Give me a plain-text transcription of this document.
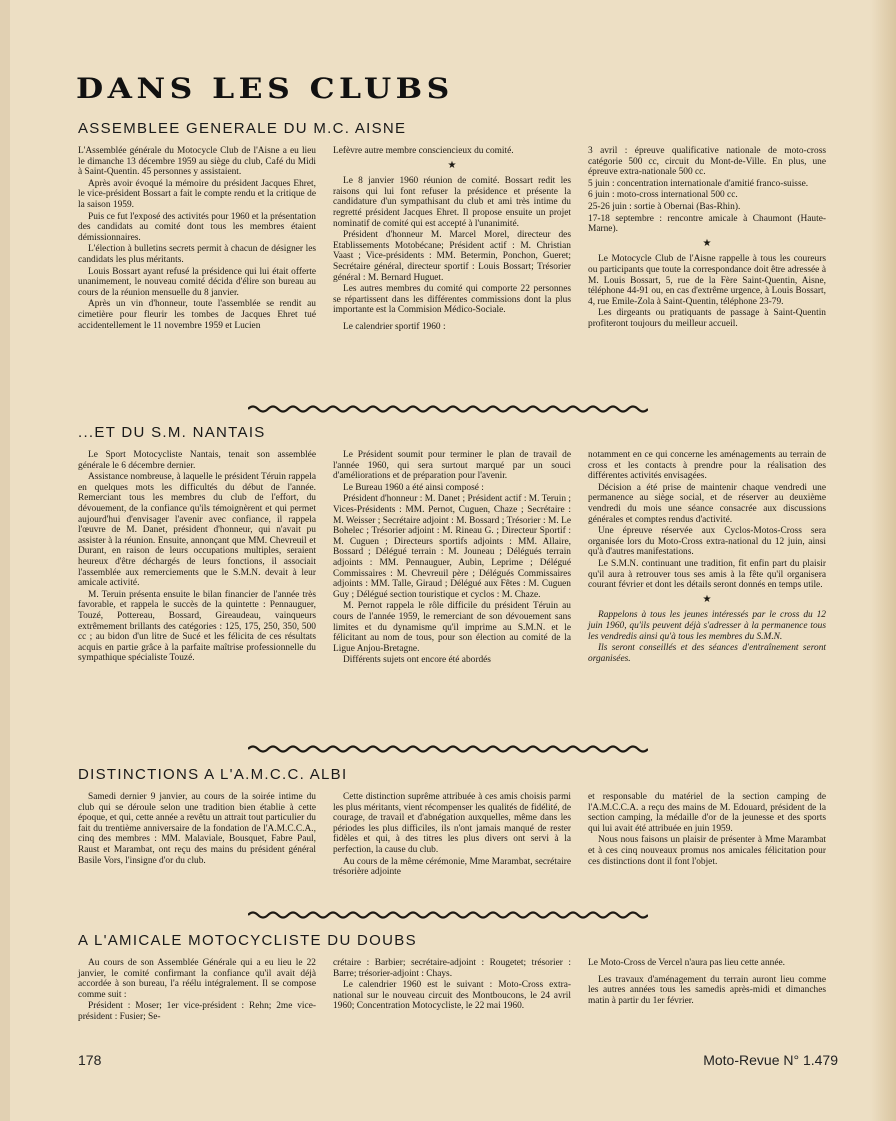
DANS LES CLUBS
ASSEMBLEE GENERALE DU M.C. AISNE

L'Assemblée générale du Motocycle Club de l'Aisne a eu lieu le dimanche 13 décembre 1959 au siège du club, Café du Midi à Saint-Quentin. 45 personnes y assistaient.

Après avoir évoqué la mémoire du président Jacques Ehret, le vice-président Bossart a fait le compte rendu et la critique de la saison 1959.

Puis ce fut l'exposé des activités pour 1960 et la présentation des candidats au comité dont tous les membres étaient démissionnaires.

L'élection à bulletins secrets permit à chacun de désigner les candidats les plus méritants.

Louis Bossart ayant refusé la présidence qui lui était offerte unanimement, le nouveau comité décida d'élire son bureau au cours de la réunion mensuelle du 8 janvier.

Après un vin d'honneur, toute l'assemblée se rendit au cimetière pour fleurir les tombes de Jacques Ehret tué accidentellement le 11 novembre 1959 et Lucien

Lefèvre autre membre consciencieux du comité.

★

Le 8 janvier 1960 réunion de comité. Bossart redit les raisons qui lui font refuser la présidence et présente la candidature d'un sympathisant du club et ami très intime du regretté président Jacques Ehret. Il propose ensuite un projet nominatif de comité qui est accepté à l'unanimité.

Président d'honneur M. Marcel Morel, directeur des Etablissements Motobécane; Président actif : M. Christian Vaast ; Vice-présidents : MM. Betermin, Ponchon, Gueret; Secrétaire général, directeur sportif : Louis Bossart; Trésorier général : M. Bernard Huguet.

Les autres membres du comité qui comporte 22 personnes se répartissent dans les différentes commissions dont la plus importante est la Commision Médico-Sociale.

Le calendrier sportif 1960 :

3 avril : épreuve qualificative nationale de moto-cross catégorie 500 cc, circuit du Mont-de-Ville. En plus, une épreuve extra-nationale 500 cc.

5 juin : concentration internationale d'amitié franco-suisse.

6 juin : moto-cross international 500 cc.

25-26 juin : sortie à Obernai (Bas-Rhin).

17-18 septembre : rencontre amicale à Chaumont (Haute-Marne).

★

Le Motocycle Club de l'Aisne rappelle à tous les coureurs ou participants que toute la correspondance doit être adressée à M. Louis Bossart, 5, rue de la Fère Saint-Quentin, Aisne, téléphone 44-91 ou, en cas d'extrême urgence, à Louis Bossart, 4, rue Emile-Zola à Saint-Quentin, téléphone 23-79.

Les dirgeants ou pratiquants de passage à Saint-Quentin profiteront toujours du meilleur accueil.

...ET DU S.M. NANTAIS

Le Sport Motocycliste Nantais, tenait son assemblée générale le 6 décembre dernier.

Assistance nombreuse, à laquelle le président Téruin rappela en quelques mots les difficultés du début de l'année. Remerciant tous les membres du club de l'effort, du dévouement, de la confiance qu'ils témoignèrent et qui permet aujourd'hui d'envisager l'avenir avec confiance, il rappela l'œuvre de M. Danet, président d'honneur, qui n'avait pu assister à la réunion. Ensuite, annonçant que MM. Chevreuil et Durant, en raison de leurs occupations multiples, seraient heureux d'être déchargés de leurs fonctions, il associait l'assemblée aux remerciements que le S.M.N. devait à leur amicale activité.

M. Teruin présenta ensuite le bilan financier de l'année très favorable, et rappela le succès de la quintette : Pennauguer, Touzé, Pottereau, Bossard, Gireaudeau, vainqueurs extrêmement brillants des catégories : 125, 175, 250, 350, 500 cc ; au bidon d'un litre de Sucé et les félicita de ces résultats acquis en partie grâce à la parfaite maîtrise professionnelle du sympathique spécialiste Touzé.

Le Président soumit pour terminer le plan de travail de l'année 1960, qui sera surtout marqué par un souci d'améliorations et de préparation pour l'avenir.

Le Bureau 1960 a été ainsi composé :

Président d'honneur : M. Danet ; Président actif : M. Teruin ; Vices-Présidents : MM. Pernot, Cuguen, Chaze ; Secrétaire : M. Weisser ; Secrétaire adjoint : M. Bossard ; Trésorier : M. Le Bohelec ; Trésorier adjoint : M. Rineau G. ; Directeur Sportif : M. Cuguen ; Directeurs sportifs adjoints : MM. Allaire, Bossard ; Délégué terrain : M. Jouneau ; Délégués terrain adjoints : MM. Pennauguer, Aubin, Leprime ; Délégué Commissaires : M. Chevreuil père ; Délégués Commissaires adjoints : MM. Talle, Giraud ; Délégué aux Fêtes : M. Cuguen Guy ; Délégué section touristique et cyclos : M. Chaze.

M. Pernot rappela le rôle difficile du président Téruin au cours de l'année 1959, le remerciant de son dévouement sans limites et du dynamisme qu'il imprime au S.M.N. et le félicitant au nom de tous, pour son élection au comité de la Ligue Anjou-Bretagne.

Différents sujets ont encore été abordés

notamment en ce qui concerne les aménagements au terrain de cross et les contacts à prendre pour la réalisation des différentes activités envisagées.

Décision a été prise de maintenir chaque vendredi une permanence au siège social, et de réserver au deuxième vendredi du mois une séance consacrée aux discussions générales et comptes rendus d'activité.

Une épreuve réservée aux Cyclos-Motos-Cross sera organisée lors du Moto-Cross extra-national du 12 juin, ainsi qu'à d'autres manifestations.

Le S.M.N. continuant une tradition, fit enfin part du plaisir qu'il aura à retrouver tous ses amis à la fête qu'il organisera courant février et dont les détails seront donnés en temps utile.

★

Rappelons à tous les jeunes intéressés par le cross du 12 juin 1960, qu'ils peuvent déjà s'adresser à la permanence tous les vendredis ainsi qu'à tous les membres du S.M.N.

Ils seront conseillés et des séances d'entraînement seront organisées.

DISTINCTIONS A L'A.M.C.C. ALBI

Samedi dernier 9 janvier, au cours de la soirée intime du club qui se déroule selon une tradition bien établie à cette époque, et qui, cette année a revêtu un attrait tout particulier du fait du trentième anniversaire de la fondation de l'A.M.C.C.A., cinq des membres : MM. Malaviale, Bousquet, Fabre Paul, Raust et Marambat, ont reçu des mains du président général Basile Vors, l'insigne d'or du club.

Cette distinction suprême attribuée à ces amis choisis parmi les plus méritants, vient récompenser les qualités de fidélité, de courage, de travail et d'abnégation auxquelles, même dans les périodes les plus difficiles, ils n'ont jamais manqué de rester fidèles et qui, à des titres les plus divers ont servi à la perfection, la cause du club.

Au cours de la même cérémonie, Mme Marambat, secrétaire trésorière adjointe

et responsable du matériel de la section camping de l'A.M.C.C.A. a reçu des mains de M. Edouard, président de la section camping, la médaille d'or de la jeunesse et des sports qui lui avait été attribuée en juin 1959.

Nous nous faisons un plaisir de présenter à Mme Marambat et à ces cinq nouveaux promus nos amicales félicitation pour ces distinctions dont il font l'objet.

A L'AMICALE MOTOCYCLISTE DU DOUBS

Au cours de son Assemblée Générale qui a eu lieu le 22 janvier, le comité confirmant la confiance qu'il avait déjà accordée à son bureau, l'a réélu intégralement. Il se compose comme suit :

Président : Moser; 1er vice-président : Rehn; 2me vice-président : Fusier; Se-

crétaire : Barbier; secrétaire-adjoint : Rougetet; trésorier : Barre; trésorier-adjoint : Chays.

Le calendrier 1960 est le suivant : Moto-Cross extra-national sur le nouveau circuit des Montboucons, le 24 avril 1960; Concentration Motocycliste, le 22 mai 1960.

Le Moto-Cross de Vercel n'aura pas lieu cette année.

Les travaux d'aménagement du terrain auront lieu comme les autres années tous les samedis après-midi et dimanches matin à partir du 1er février.

178	Moto-Revue N° 1.479
